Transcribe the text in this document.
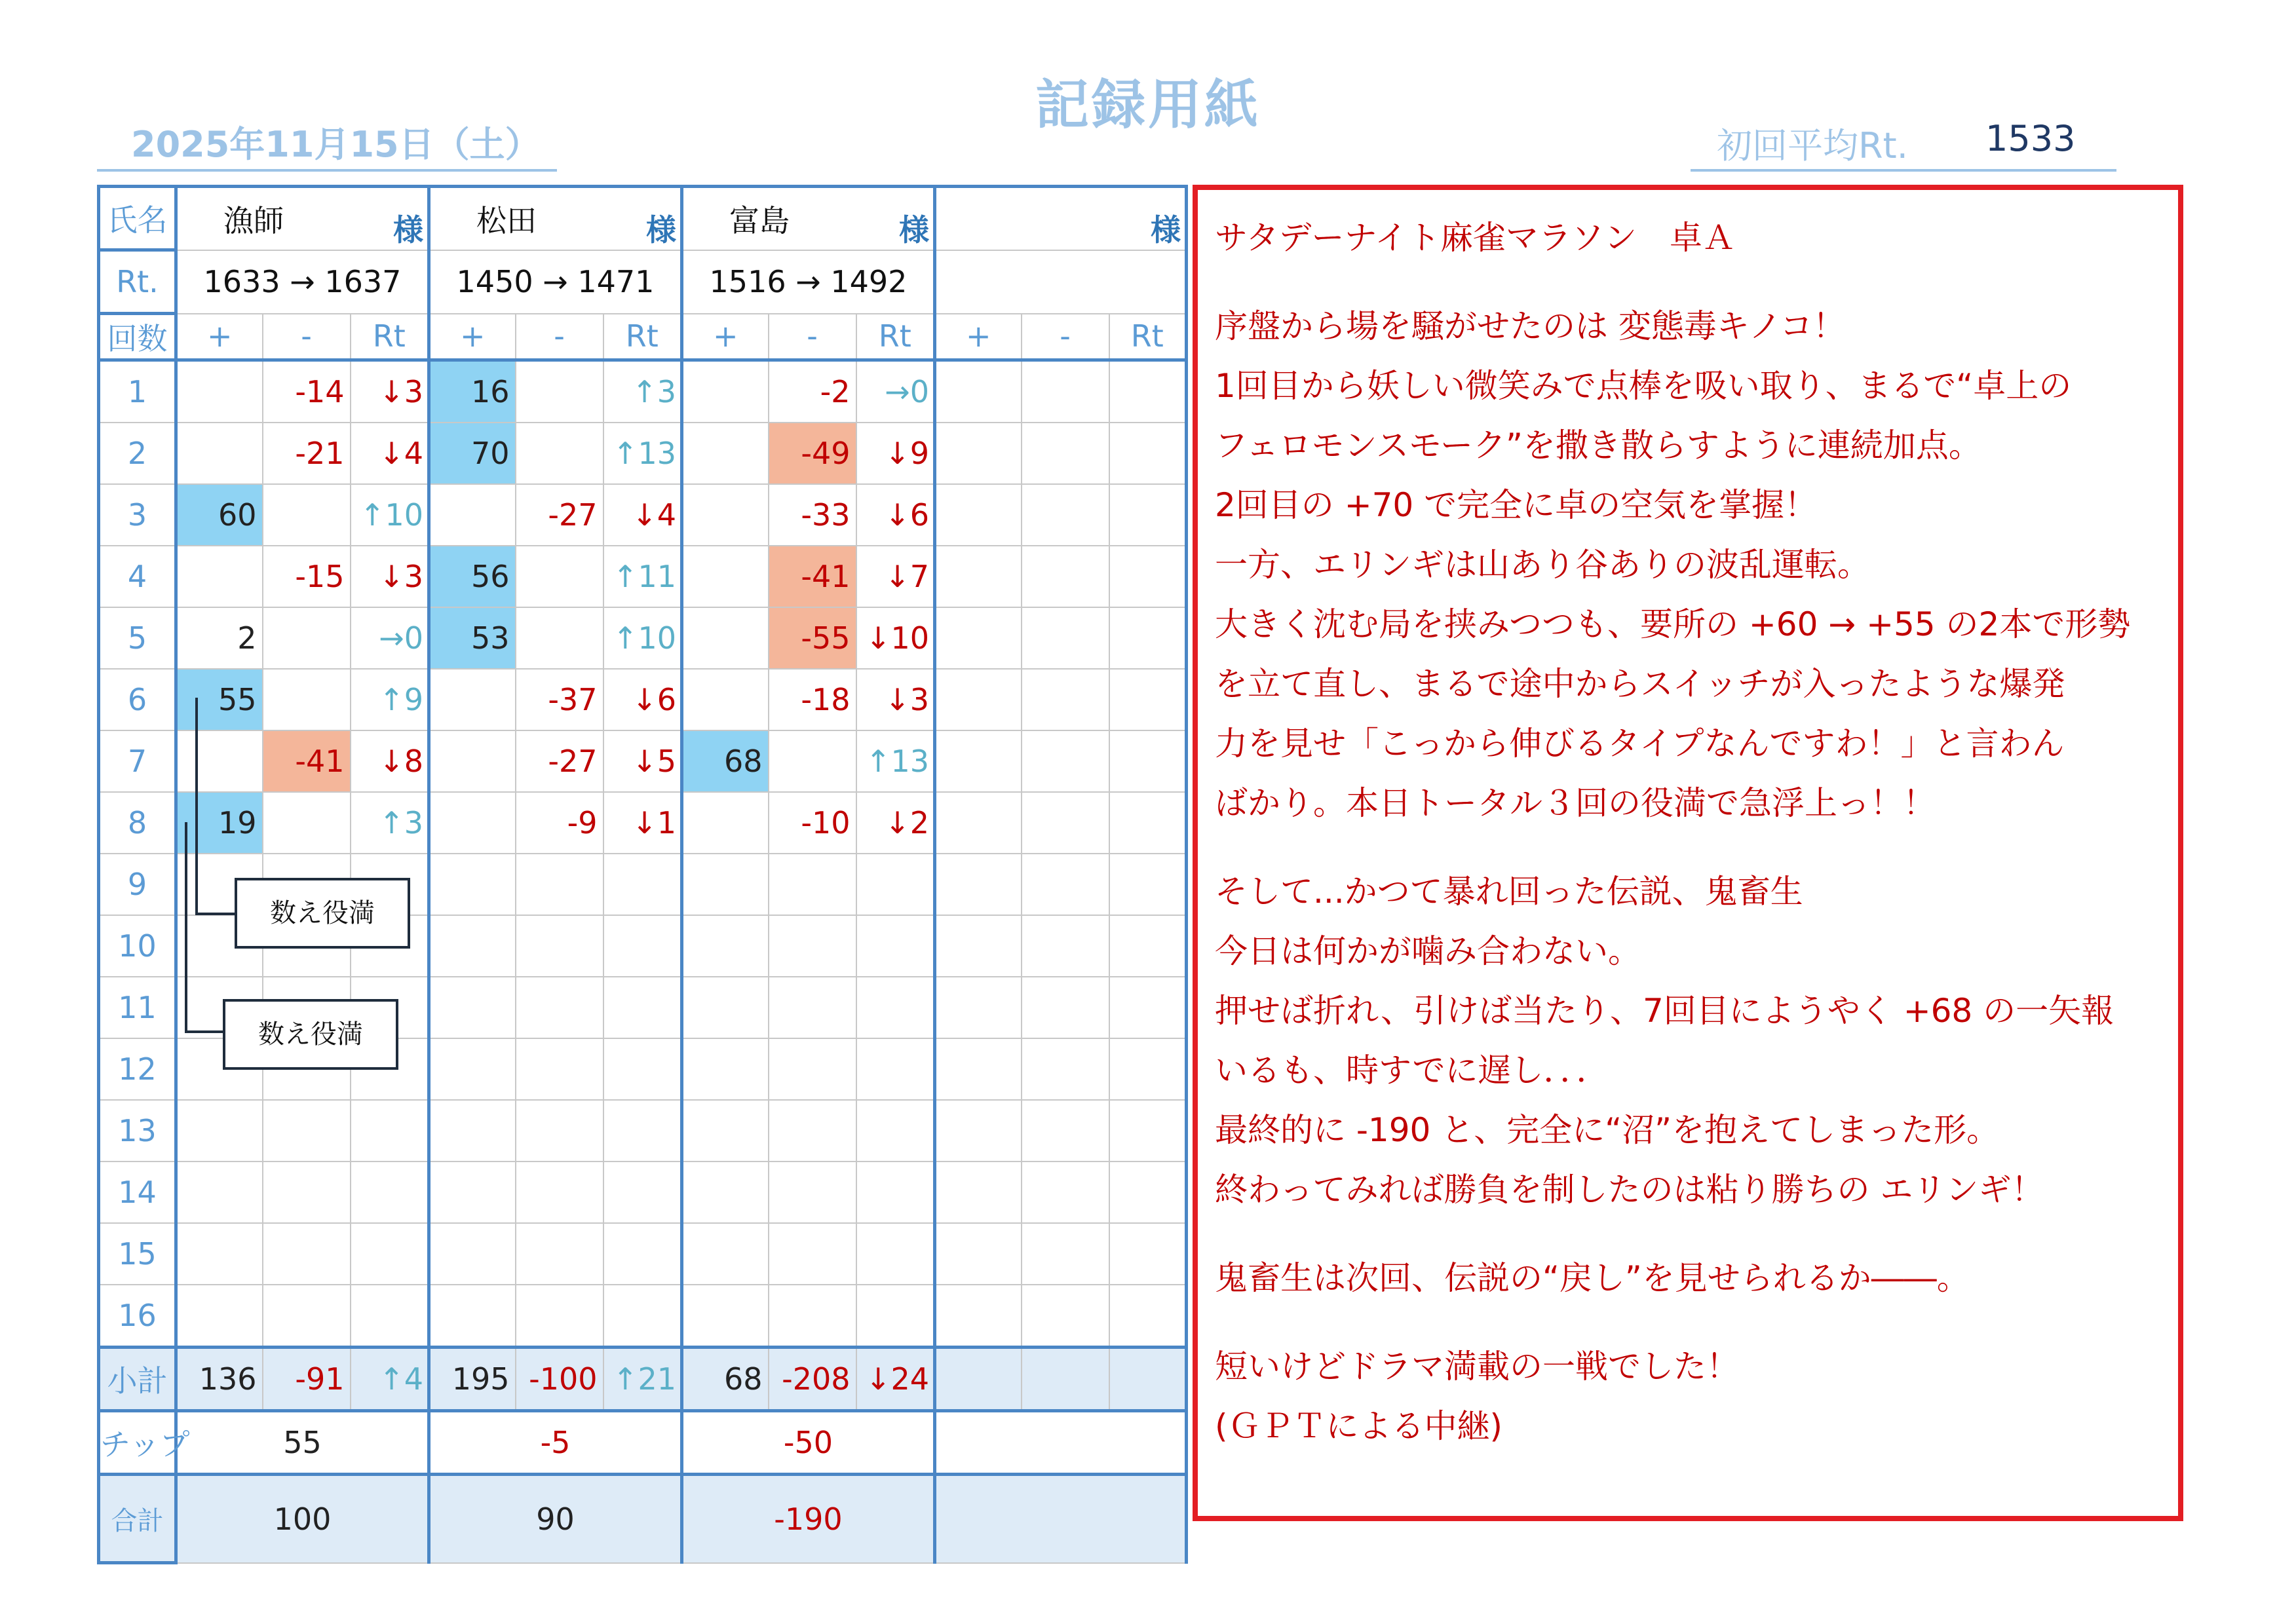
記録用紙
2025年11月15日（土）	初回平均Rt. 1533
氏名	漁師		様	松田		様	富島		様			様
Rt.	1633 → 1637			1450 → 1471			1516 → 1492					
回数	+	-	Rt	+	-	Rt	+	-	Rt	+	-	Rt
1		-14	↓3	16		↑3		-2	→0			
2		-21	↓4	70		↑13		-49	↓9			
3	60		↑10		-27	↓4		-33	↓6			
4		-15	↓3	56		↑11		-41	↓7			
5	2		→0	53		↑10		-55	↓10			
6	55		↑9		-37	↓6		-18	↓3			
7		-41	↓8		-27	↓5	68		↑13			
8	19		↑3		-9	↓1		-10	↓2			
9												
10												
11												
12												
13												
14												
15												
16												
小計	136	-91	↑4	195	-100	↑21	68	-208	↓24			
チップ	55			-5			-50					
合計	100			90			-190					
数え役満
数え役満

サタデーナイト麻雀マラソン　卓Ａ

序盤から場を騒がせたのは 変態毒キノコ！

1回目から妖しい微笑みで点棒を吸い取り、まるで“卓上の

フェロモンスモーク”を撒き散らすように連続加点。

2回目の +70 で完全に卓の空気を掌握！

一方、エリンギは山あり谷ありの波乱運転。

大きく沈む局を挟みつつも、要所の +60 → +55 の2本で形勢

を立て直し、まるで途中からスイッチが入ったような爆発

力を見せ「こっから伸びるタイプなんですわ！」と言わん

ばかり。本日トータル３回の役満で急浮上っ！！

そして...かつて暴れ回った伝説、鬼畜生

今日は何かが噛み合わない。

押せば折れ、引けば当たり、7回目にようやく +68 の一矢報

いるも、時すでに遅し．．．

最終的に -190 と、完全に“沼”を抱えてしまった形。

終わってみれば勝負を制したのは粘り勝ちの エリンギ！

鬼畜生は次回、伝説の“戻し”を見せられるか――。

短いけどドラマ満載の一戦でした！

(ＧＰＴによる中継)
